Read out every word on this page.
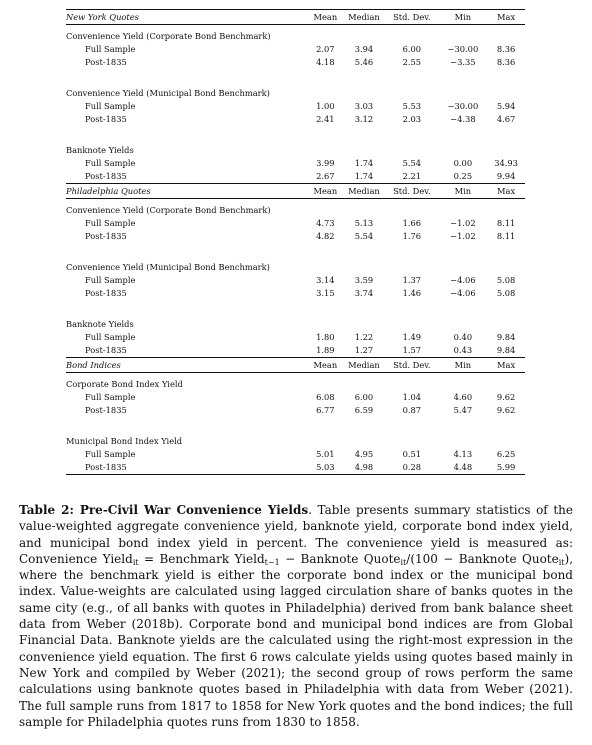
New York Quotes	Mean	Median	Std. Dev.	Min	Max
Convenience Yield (Corporate Bond Benchmark)					
Full Sample	2.07	3.94	6.00	−30.00	8.36
Post-1835	4.18	5.46	2.55	−3.35	8.36

Convenience Yield (Municipal Bond Benchmark)					
Full Sample	1.00	3.03	5.53	−30.00	5.94
Post-1835	2.41	3.12	2.03	−4.38	4.67

Banknote Yields					
Full Sample	3.99	1.74	5.54	0.00	34.93
Post-1835	2.67	1.74	2.21	0.25	9.94
Philadelphia Quotes	Mean	Median	Std. Dev.	Min	Max
Convenience Yield (Corporate Bond Benchmark)					
Full Sample	4.73	5.13	1.66	−1.02	8.11
Post-1835	4.82	5.54	1.76	−1.02	8.11

Convenience Yield (Municipal Bond Benchmark)					
Full Sample	3.14	3.59	1.37	−4.06	5.08
Post-1835	3.15	3.74	1.46	−4.06	5.08

Banknote Yields					
Full Sample	1.80	1.22	1.49	0.40	9.84
Post-1835	1.89	1.27	1.57	0.43	9.84
Bond Indices	Mean	Median	Std. Dev.	Min	Max
Corporate Bond Index Yield					
Full Sample	6.08	6.00	1.04	4.60	9.62
Post-1835	6.77	6.59	0.87	5.47	9.62

Municipal Bond Index Yield					
Full Sample	5.01	4.95	0.51	4.13	6.25
Post-1835	5.03	4.98	0.28	4.48	5.99

Table 2: Pre-Civil War Convenience Yields. Table presents summary statistics of the value-weighted aggregate convenience yield, banknote yield, corporate bond index yield, and municipal bond index yield in percent. The convenience yield is measured as: Convenience Yield$_{it}$ = Benchmark Yield$_{t-1}$ − Banknote Quote$_{it}$/(100 − Banknote Quote$_{it}$), where the benchmark yield is either the corporate bond index or the municipal bond index. Value-weights are calculated using lagged circulation share of banks quotes in the same city (e.g., of all banks with quotes in Philadelphia) derived from bank balance sheet data from Weber (2018b). Corporate bond and municipal bond indices are from Global Financial Data. Banknote yields are the calculated using the right-most expression in the convenience yield equation. The first 6 rows calculate yields using quotes based mainly in New York and compiled by Weber (2021); the second group of rows perform the same calculations using banknote quotes based in Philadelphia with data from Weber (2021). The full sample runs from 1817 to 1858 for New York quotes and the bond indices; the full sample for Philadelphia quotes runs from 1830 to 1858.
